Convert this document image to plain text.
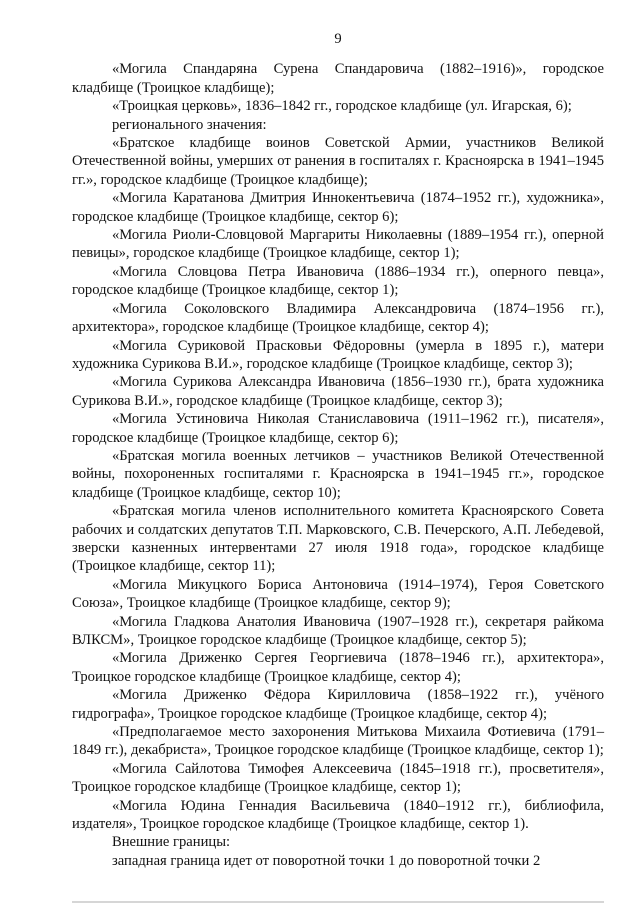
9

«Могила Спандаряна Сурена Спандаровича (1882–1916)», городское кладбище (Троицкое кладбище);

«Троицкая церковь», 1836–1842 гг., городское кладбище (ул. Игарская, 6);

регионального значения:

«Братское кладбище воинов Советской Армии, участников Великой Отечественной войны, умерших от ранения в госпиталях г. Красноярска в 1941–1945 гг.», городское кладбище (Троицкое кладбище);

«Могила Каратанова Дмитрия Иннокентьевича (1874–1952 гг.), художника», городское кладбище (Троицкое кладбище, сектор 6);

«Могила Риоли-Словцовой Маргариты Николаевны (1889–1954 гг.), оперной певицы», городское кладбище (Троицкое кладбище, сектор 1);

«Могила Словцова Петра Ивановича (1886–1934 гг.), оперного певца», городское кладбище (Троицкое кладбище, сектор 1);

«Могила Соколовского Владимира Александровича (1874–1956 гг.), архитектора», городское кладбище (Троицкое кладбище, сектор 4);

«Могила Суриковой Прасковьи Фёдоровны (умерла в 1895 г.), матери художника Сурикова В.И.», городское кладбище (Троицкое кладбище, сектор 3);

«Могила Сурикова Александра Ивановича (1856–1930 гг.), брата художника Сурикова В.И.», городское кладбище (Троицкое кладбище, сектор 3);

«Могила Устиновича Николая Станиславовича (1911–1962 гг.), писателя», городское кладбище (Троицкое кладбище, сектор 6);

«Братская могила военных летчиков – участников Великой Отечественной войны, похороненных госпиталями г. Красноярска в 1941–1945 гг.», городское кладбище (Троицкое кладбище, сектор 10);

«Братская могила членов исполнительного комитета Красноярского Совета рабочих и солдатских депутатов Т.П. Марковского, С.В. Печерского, А.П. Лебедевой, зверски казненных интервентами 27 июля 1918 года», городское кладбище (Троицкое кладбище, сектор 11);

«Могила Микуцкого Бориса Антоновича (1914–1974), Героя Советского Союза», Троицкое кладбище (Троицкое кладбище, сектор 9);

«Могила Гладкова Анатолия Ивановича (1907–1928 гг.), секретаря райкома ВЛКСМ», Троицкое городское кладбище (Троицкое кладбище, сектор 5);

«Могила Дриженко Сергея Георгиевича (1878–1946 гг.), архитектора», Троицкое городское кладбище (Троицкое кладбище, сектор 4);

«Могила Дриженко Фёдора Кирилловича (1858–1922 гг.), учёного гидрографа», Троицкое городское кладбище (Троицкое кладбище, сектор 4);

«Предполагаемое место захоронения Митькова Михаила Фотиевича (1791–1849 гг.), декабриста», Троицкое городское кладбище (Троицкое кладбище, сектор 1);

«Могила Сайлотова Тимофея Алексеевича (1845–1918 гг.), просветителя», Троицкое городское кладбище (Троицкое кладбище, сектор 1);

«Могила Юдина Геннадия Васильевича (1840–1912 гг.), библиофила, издателя», Троицкое городское кладбище (Троицкое кладбище, сектор 1).

Внешние границы:

западная граница идет от поворотной точки 1 до поворотной точки 2
